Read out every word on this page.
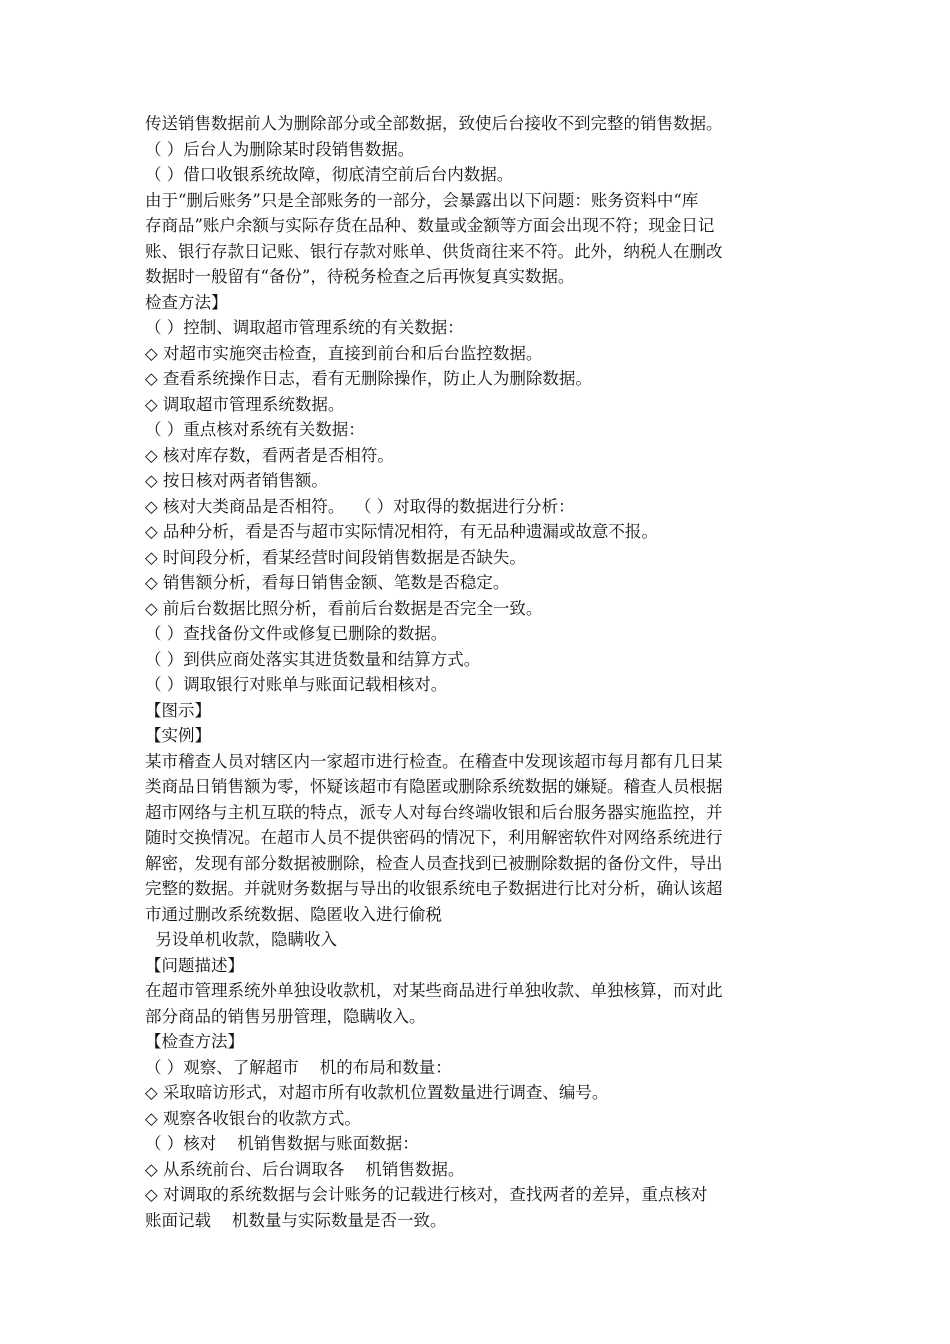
传送销售数据前人为删除部分或全部数据，致使后台接收不到完整的销售数据。
（ ）后台人为删除某时段销售数据。
（ ）借口收银系统故障，彻底清空前后台内数据。
由于“删后账务”只是全部账务的一部分，会暴露出以下问题：账务资料中“库
存商品”账户余额与实际存货在品种、数量或金额等方面会出现不符；现金日记
账、银行存款日记账、银行存款对账单、供货商往来不符。此外，纳税人在删改
数据时一般留有“备份”，待税务检查之后再恢复真实数据。
检查方法】
（ ）控制、调取超市管理系统的有关数据：
◇ 对超市实施突击检查，直接到前台和后台监控数据。
◇ 查看系统操作日志，看有无删除操作，防止人为删除数据。
◇ 调取超市管理系统数据。
（ ）重点核对系统有关数据：
◇ 核对库存数，看两者是否相符。
◇ 按日核对两者销售额。
◇ 核对大类商品是否相符。  （ ）对取得的数据进行分析：
◇ 品种分析，看是否与超市实际情况相符，有无品种遗漏或故意不报。
◇ 时间段分析，看某经营时间段销售数据是否缺失。
◇ 销售额分析，看每日销售金额、笔数是否稳定。
◇ 前后台数据比照分析，看前后台数据是否完全一致。
（ ）查找备份文件或修复已删除的数据。
（ ）到供应商处落实其进货数量和结算方式。
（ ）调取银行对账单与账面记载相核对。
【图示】
【实例】
某市稽查人员对辖区内一家超市进行检查。在稽查中发现该超市每月都有几日某
类商品日销售额为零，怀疑该超市有隐匿或删除系统数据的嫌疑。稽查人员根据
超市网络与主机互联的特点，派专人对每台终端收银和后台服务器实施监控，并
随时交换情况。在超市人员不提供密码的情况下，利用解密软件对网络系统进行
解密，发现有部分数据被删除，检查人员查找到已被删除数据的备份文件，导出
完整的数据。并就财务数据与导出的收银系统电子数据进行比对分析，确认该超
市通过删改系统数据、隐匿收入进行偷税
另设单机收款，隐瞒收入
【问题描述】
在超市管理系统外单独设收款机，对某些商品进行单独收款、单独核算，而对此
部分商品的销售另册管理，隐瞒收入。
【检查方法】
（ ）观察、了解超市    机的布局和数量：
◇ 采取暗访形式，对超市所有收款机位置数量进行调查、编号。
◇ 观察各收银台的收款方式。
（ ）核对    机销售数据与账面数据：
◇ 从系统前台、后台调取各    机销售数据。
◇ 对调取的系统数据与会计账务的记载进行核对，查找两者的差异，重点核对
账面记载    机数量与实际数量是否一致。
